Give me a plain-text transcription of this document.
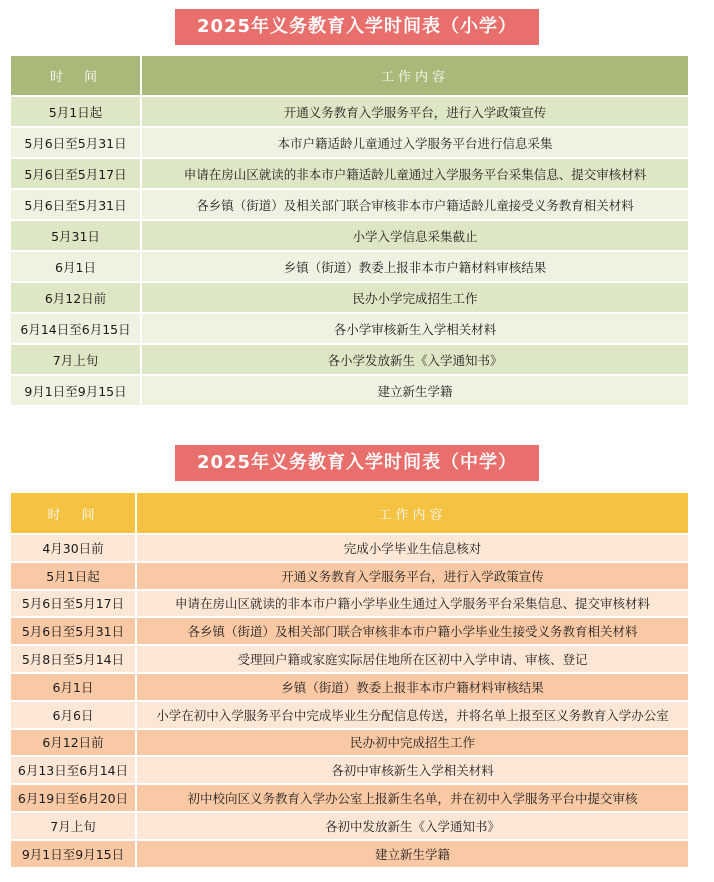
2025年义务教育入学时间表（小学）
时　间	工作内容
5月1日起	开通义务教育入学服务平台，进行入学政策宣传
5月6日至5月31日	本市户籍适龄儿童通过入学服务平台进行信息采集
5月6日至5月17日	申请在房山区就读的非本市户籍适龄儿童通过入学服务平台采集信息、提交审核材料
5月6日至5月31日	各乡镇（街道）及相关部门联合审核非本市户籍适龄儿童接受义务教育相关材料
5月31日	小学入学信息采集截止
6月1日	乡镇（街道）教委上报非本市户籍材料审核结果
6月12日前	民办小学完成招生工作
6月14日至6月15日	各小学审核新生入学相关材料
7月上旬	各小学发放新生《入学通知书》
9月1日至9月15日	建立新生学籍
2025年义务教育入学时间表（中学）
时　间	工作内容
4月30日前	完成小学毕业生信息核对
5月1日起	开通义务教育入学服务平台，进行入学政策宣传
5月6日至5月17日	申请在房山区就读的非本市户籍小学毕业生通过入学服务平台采集信息、提交审核材料
5月6日至5月31日	各乡镇（街道）及相关部门联合审核非本市户籍小学毕业生接受义务教育相关材料
5月8日至5月14日	受理回户籍或家庭实际居住地所在区初中入学申请、审核、登记
6月1日	乡镇（街道）教委上报非本市户籍材料审核结果
6月6日	小学在初中入学服务平台中完成毕业生分配信息传送，并将名单上报至区义务教育入学办公室
6月12日前	民办初中完成招生工作
6月13日至6月14日	各初中审核新生入学相关材料
6月19日至6月20日	初中校向区义务教育入学办公室上报新生名单，并在初中入学服务平台中提交审核
7月上旬	各初中发放新生《入学通知书》
9月1日至9月15日	建立新生学籍
